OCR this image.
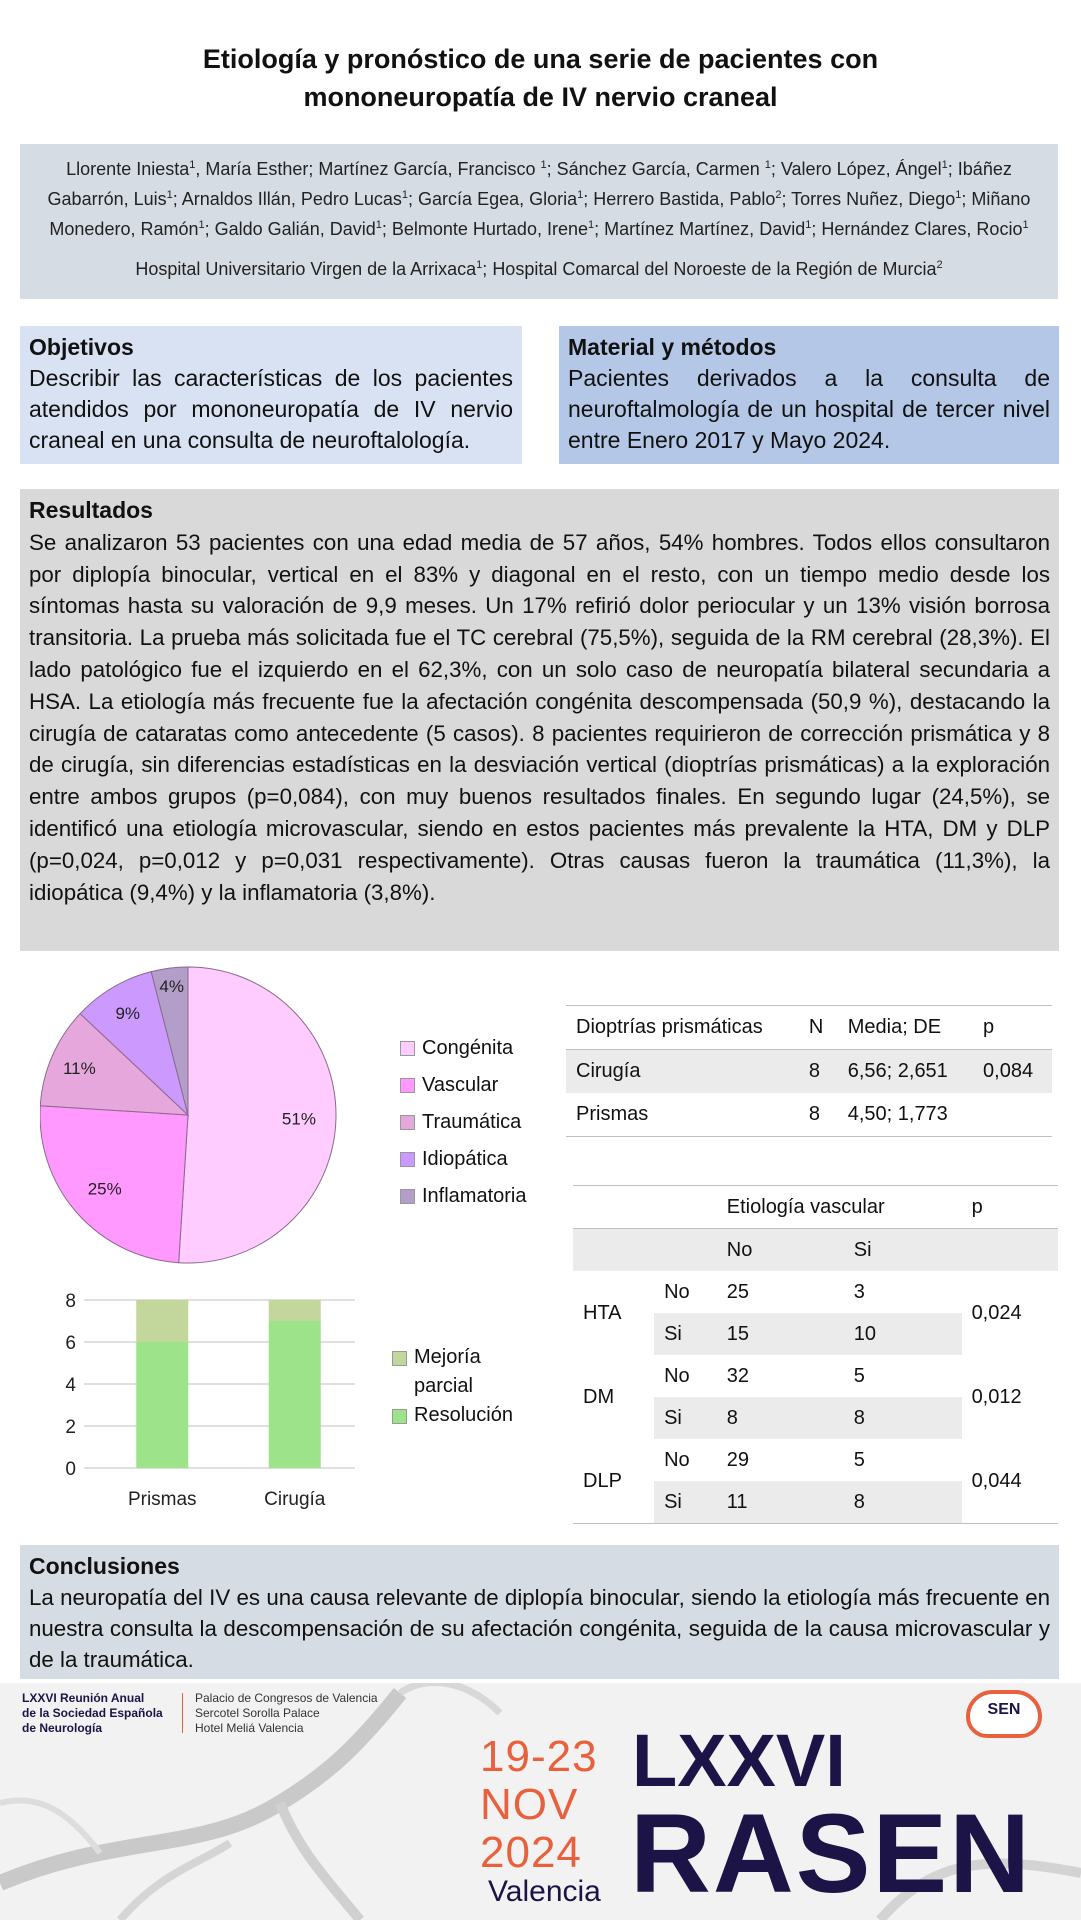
Etiología y pronóstico de una serie de pacientes con
mononeuropatía de IV nervio craneal
Llorente Iniesta$^1$, María Esther; Martínez García, Francisco $^1$; Sánchez García, Carmen $^1$; Valero López, Ángel$^1$; Ibáñez Gabarrón, Luis$^1$; Arnaldos Illán, Pedro Lucas$^1$; García Egea, Gloria$^1$; Herrero Bastida, Pablo$^2$; Torres Nuñez, Diego$^1$; Miñano Monedero, Ramón$^1$; Galdo Galián, David$^1$; Belmonte Hurtado, Irene$^1$; Martínez Martínez, David$^1$; Hernández Clares, Rocio$^1$
Hospital Universitario Virgen de la Arrixaca$^1$; Hospital Comarcal del Noroeste de la Región de Murcia$^2$
Objetivos
Describir las características de los pacientes atendidos por mononeuropatía de IV nervio craneal en una consulta de neuroftalología.
Material y métodos
Pacientes derivados a la consulta de neuroftalmología de un hospital de tercer nivel entre Enero 2017 y Mayo 2024.
Resultados
Se analizaron 53 pacientes con una edad media de 57 años, 54% hombres. Todos ellos consultaron por diplopía binocular, vertical en el 83% y diagonal en el resto, con un tiempo medio desde los síntomas hasta su valoración de 9,9 meses. Un 17% refirió dolor periocular y un 13% visión borrosa transitoria. La prueba más solicitada fue el TC cerebral (75,5%), seguida de la RM cerebral (28,3%). El lado patológico fue el izquierdo en el 62,3%, con un solo caso de neuropatía bilateral secundaria a HSA. La etiología más frecuente fue la afectación congénita descompensada (50,9 %), destacando la cirugía de cataratas como antecedente (5 casos). 8 pacientes requirieron de corrección prismática y 8 de cirugía, sin diferencias estadísticas en la desviación vertical (dioptrías prismáticas) a la exploración entre ambos grupos (p=0,084), con muy buenos resultados finales. En segundo lugar (24,5%), se identificó una etiología microvascular, siendo en estos pacientes más prevalente la HTA, DM y DLP (p=0,024, p=0,012 y p=0,031 respectivamente). Otras causas fueron la traumática (11,3%), la idiopática (9,4%) y la inflamatoria (3,8%).
51%
25%
11%
9%
4%
Congénita
Vascular
Traumática
Idiopática
Inflamatoria
0
2
4
6
8
Prismas	Cirugía
Mejoría
parcial
Resolución
Dioptrías prismáticas	N	Media; DE	p
Cirugía	8	6,56; 2,651	0,084
Prismas	8	4,50; 1,773	
		Etiología vascular		p
		No	Si	
HTA	No	25	3	0,024
	Si	15	10	
DM	No	32	5	0,012
	Si	8	8	
DLP	No	29	5	0,044
	Si	11	8	
Conclusiones
La neuropatía del IV es una causa relevante de diplopía binocular, siendo la etiología más frecuente en nuestra consulta la descompensación de su afectación congénita, seguida de la causa microvascular y de la traumática.
LXXVI Reunión Anual
de la Sociedad Española
de Neurología
Palacio de Congresos de Valencia
Sercotel Sorolla Palace
Hotel Meliá Valencia
19-23
NOV
2024
Valencia
LXXVI
RASEN
SEN
